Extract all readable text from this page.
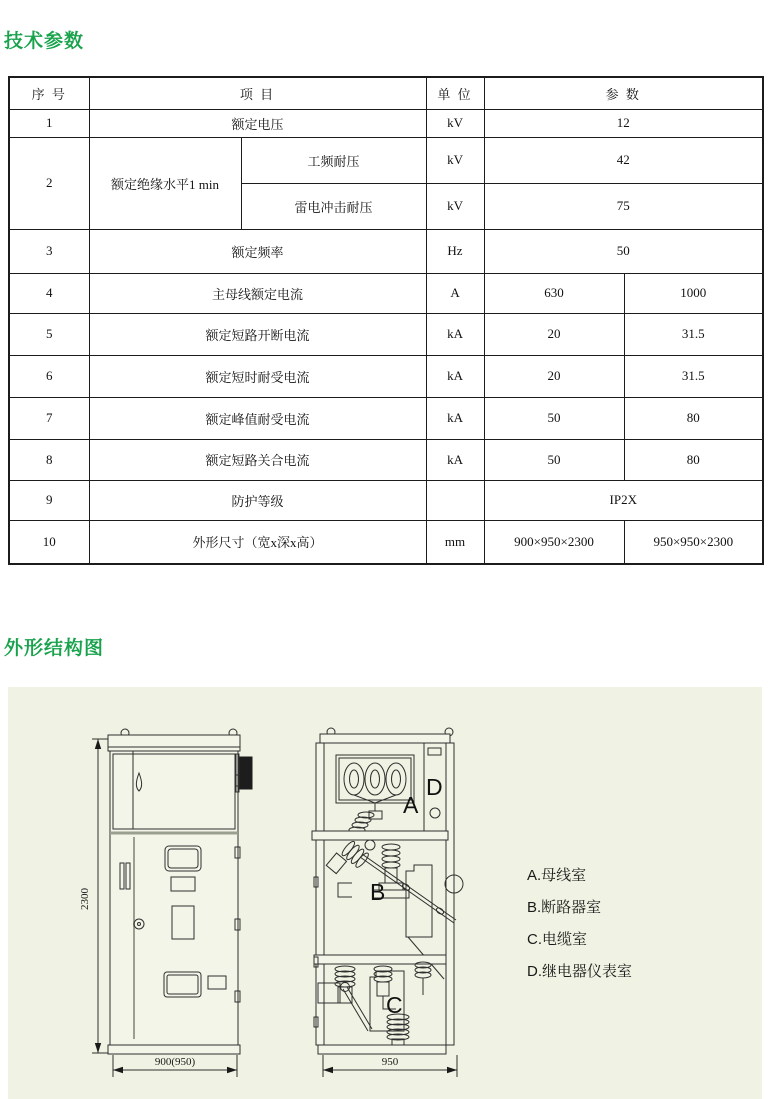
技术参数
序 号	项 目		单 位	参 数	
1	额定电压		kV	12	
2	额定绝缘水平1 min	工频耐压	kV	42	
		雷电冲击耐压	kV	75	
3	额定频率		Hz	50	
4	主母线额定电流		A	630	1000
5	额定短路开断电流		kA	20	31.5
6	额定短时耐受电流		kA	20	31.5
7	额定峰值耐受电流		kA	50	80
8	额定短路关合电流		kA	50	80
9	防护等级			IP2X	
10	外形尺寸（宽x深x高）		mm	900×950×2300	950×950×2300
外形结构图
2300
900(950)
A
D
B
C
950
A.母线室
B.断路器室
C.电缆室
D.继电器仪表室
